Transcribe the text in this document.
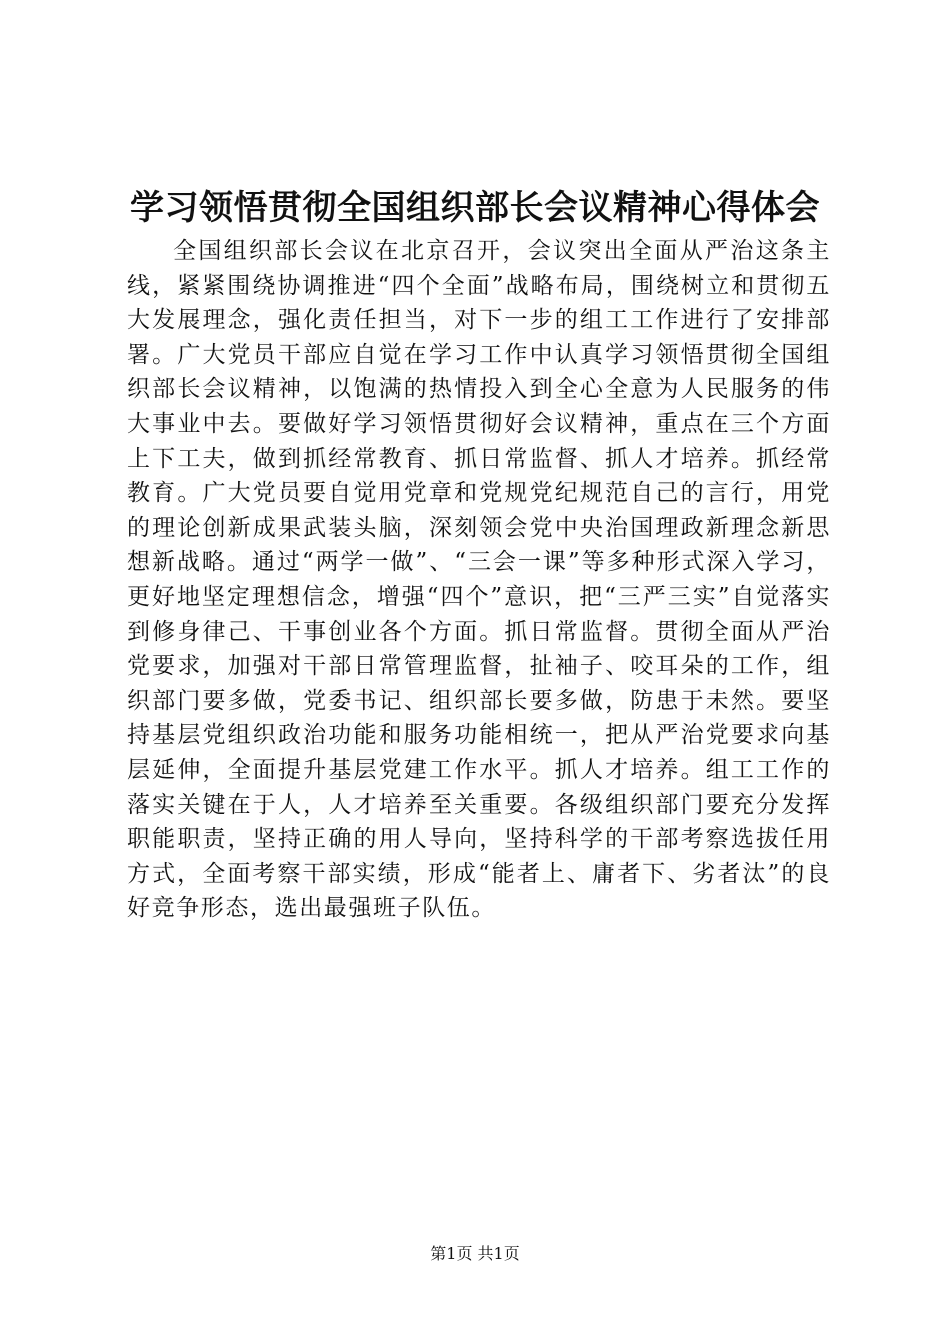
学习领悟贯彻全国组织部长会议精神心得体会

全国组织部长会议在北京召开，会议突出全面从严治这条主线，紧紧围绕协调推进“四个全面”战略布局，围绕树立和贯彻五大发展理念，强化责任担当，对下一步的组工工作进行了安排部署。广大党员干部应自觉在学习工作中认真学习领悟贯彻全国组织部长会议精神，以饱满的热情投入到全心全意为人民服务的伟大事业中去。要做好学习领悟贯彻好会议精神，重点在三个方面上下工夫，做到抓经常教育、抓日常监督、抓人才培养。抓经常教育。广大党员要自觉用党章和党规党纪规范自己的言行，用党的理论创新成果武装头脑，深刻领会党中央治国理政新理念新思想新战略。通过“两学一做”、“三会一课”等多种形式深入学习，更好地坚定理想信念，增强“四个”意识，把“三严三实”自觉落实到修身律己、干事创业各个方面。抓日常监督。贯彻全面从严治党要求，加强对干部日常管理监督，扯袖子、咬耳朵的工作，组织部门要多做，党委书记、组织部长要多做，防患于未然。要坚持基层党组织政治功能和服务功能相统一，把从严治党要求向基层延伸，全面提升基层党建工作水平。抓人才培养。组工工作的落实关键在于人，人才培养至关重要。各级组织部门要充分发挥职能职责，坚持正确的用人导向，坚持科学的干部考察选拔任用方式，全面考察干部实绩，形成“能者上、庸者下、劣者汰”的良好竞争形态，选出最强班子队伍。

第1页 共1页
